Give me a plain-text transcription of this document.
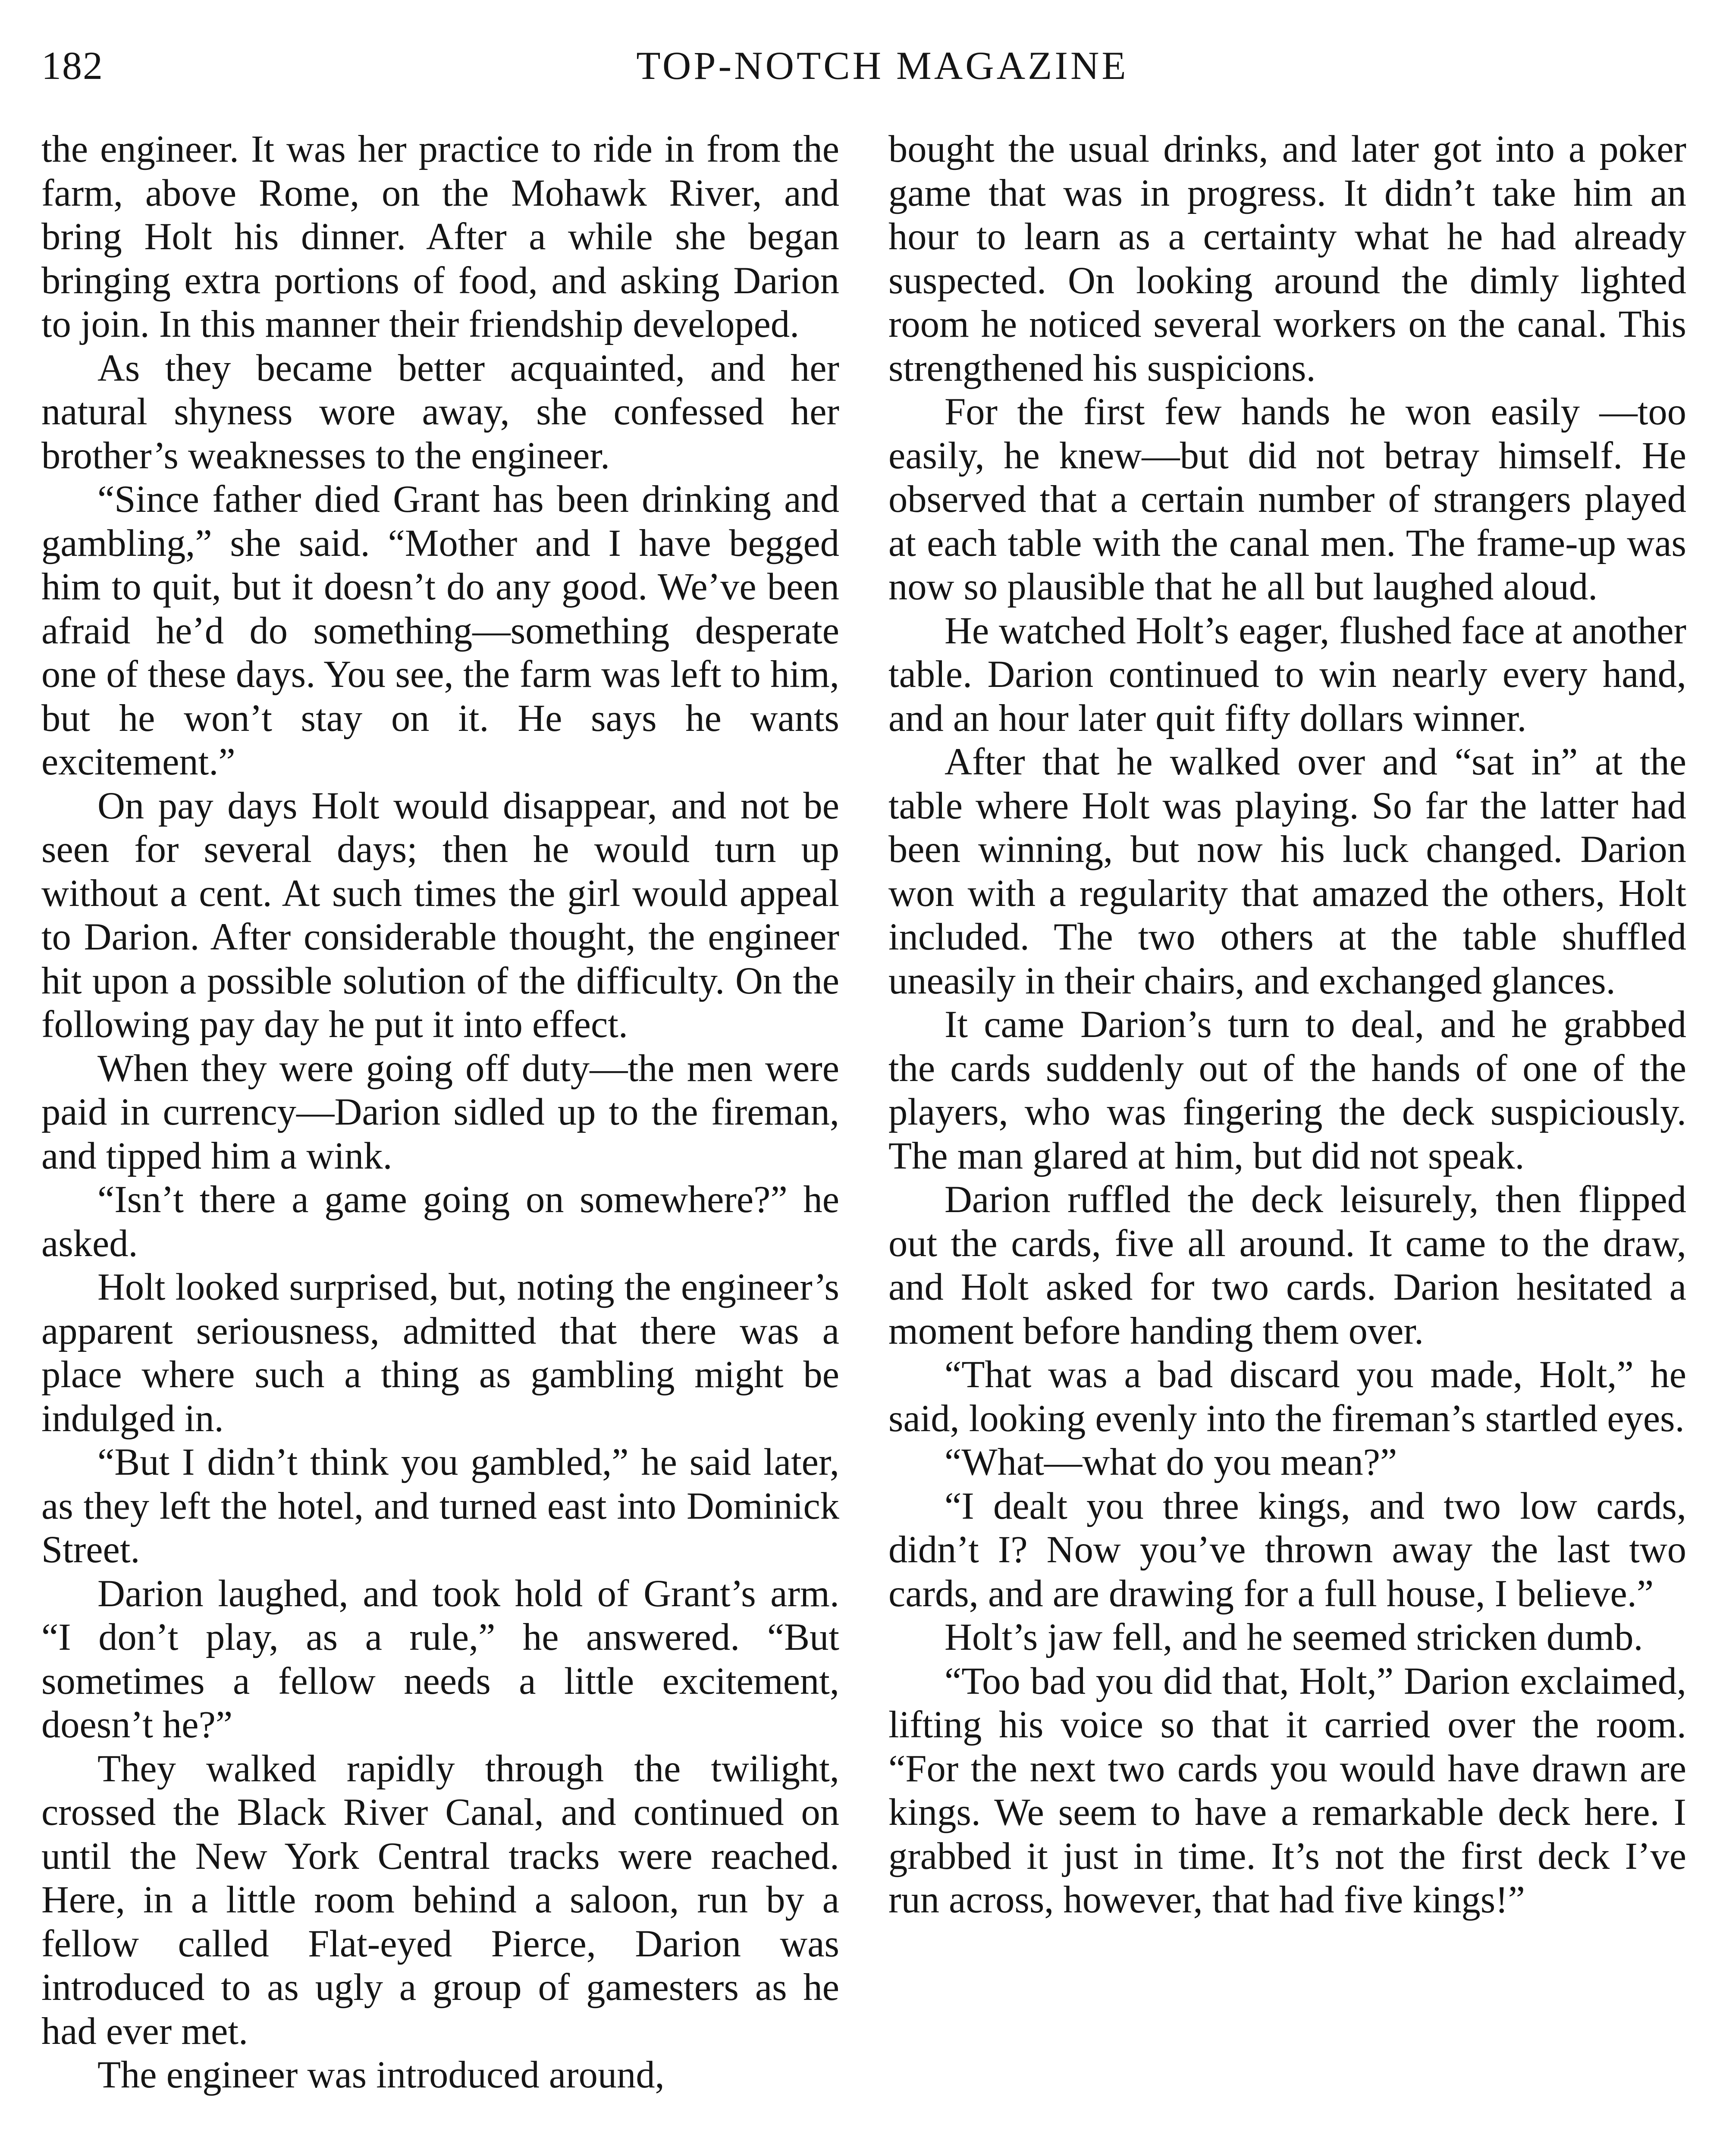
182	TOP-NOTCH MAGAZINE

the engineer. It was her practice to ride in from the farm, above Rome, on the Mohawk River, and bring Holt his dinner. After a while she began bringing extra portions of food, and asking Darion to join. In this manner their friendship developed.

As they became better acquainted, and her natural shyness wore away, she confessed her brother’s weaknesses to the engineer.

“Since father died Grant has been drinking and gambling,” she said. “Mother and I have begged him to quit, but it doesn’t do any good. We’ve been afraid he’d do something—something desperate one of these days. You see, the farm was left to him, but he won’t stay on it. He says he wants excitement.”

On pay days Holt would disappear, and not be seen for several days; then he would turn up without a cent. At such times the girl would appeal to Darion. After considerable thought, the engineer hit upon a possible solution of the difficulty. On the following pay day he put it into effect.

When they were going off duty—the men were paid in currency—Darion sidled up to the fireman, and tipped him a wink.

“Isn’t there a game going on somewhere?” he asked.

Holt looked surprised, but, noting the engineer’s apparent seriousness, admitted that there was a place where such a thing as gambling might be indulged in.

“But I didn’t think you gambled,” he said later, as they left the hotel, and turned east into Dominick Street.

Darion laughed, and took hold of Grant’s arm. “I don’t play, as a rule,” he answered. “But sometimes a fellow needs a little excitement, doesn’t he?”

They walked rapidly through the twilight, crossed the Black River Canal, and continued on until the New York Central tracks were reached. Here, in a little room behind a saloon, run by a fellow called Flat-eyed Pierce, Darion was introduced to as ugly a group of gamesters as he had ever met.

The engineer was introduced around,

bought the usual drinks, and later got into a poker game that was in progress. It didn’t take him an hour to learn as a certainty what he had already suspected. On looking around the dimly lighted room he noticed several workers on the canal. This strengthened his suspicions.

For the first few hands he won easily —too easily, he knew—but did not betray himself. He observed that a certain number of strangers played at each table with the canal men. The frame-up was now so plausible that he all but laughed aloud.

He watched Holt’s eager, flushed face at another table. Darion continued to win nearly every hand, and an hour later quit fifty dollars winner.

After that he walked over and “sat in” at the table where Holt was playing. So far the latter had been winning, but now his luck changed. Darion won with a regularity that amazed the others, Holt included. The two others at the table shuffled uneasily in their chairs, and exchanged glances.

It came Darion’s turn to deal, and he grabbed the cards suddenly out of the hands of one of the players, who was fingering the deck suspiciously. The man glared at him, but did not speak.

Darion ruffled the deck leisurely, then flipped out the cards, five all around. It came to the draw, and Holt asked for two cards. Darion hesitated a moment before handing them over.

“That was a bad discard you made, Holt,” he said, looking evenly into the fireman’s startled eyes.

“What—what do you mean?”

“I dealt you three kings, and two low cards, didn’t I? Now you’ve thrown away the last two cards, and are drawing for a full house, I believe.”

Holt’s jaw fell, and he seemed stricken dumb.

“Too bad you did that, Holt,” Darion exclaimed, lifting his voice so that it carried over the room. “For the next two cards you would have drawn are kings. We seem to have a remarkable deck here. I grabbed it just in time. It’s not the first deck I’ve run across, however, that had five kings!”
